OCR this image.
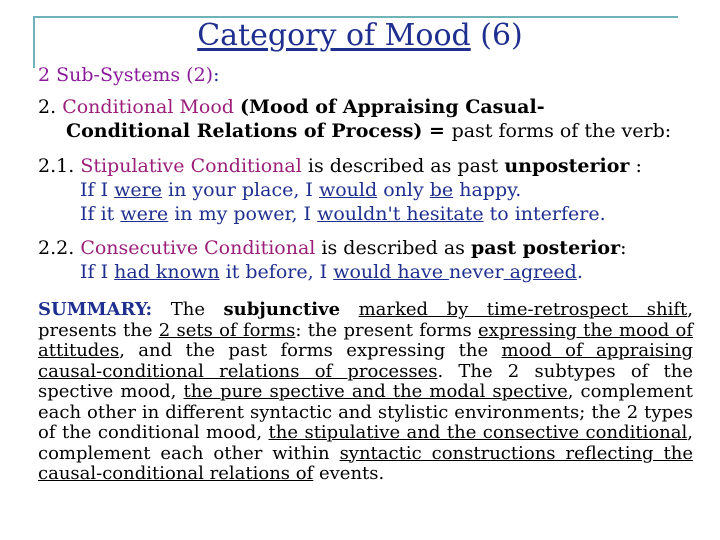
Category of Mood (6)
2 Sub-Systems (2):
2. Conditional Mood (Mood of Appraising Casual-
Conditional Relations of Process) = past forms of the verb:
2.1. Stipulative Conditional is described as past unposterior :
If I were in your place, I would only be happy.
If it were in my power, I wouldn't hesitate to interfere.
2.2. Consecutive Conditional is described as past posterior:
If I had known it before, I would have never agreed.
SUMMARY: The subjunctive marked by time-retrospect shift, presents the 2 sets of forms: the present forms expressing the mood of attitudes, and the past forms expressing the mood of appraising causal-conditional relations of processes. The 2 subtypes of the spective mood, the pure spective and the modal spective, complement each other in different syntactic and stylistic environments; the 2 types of the conditional mood, the stipulative and the consective conditional, complement each other within syntactic constructions reflecting the causal-conditional relations of events.
